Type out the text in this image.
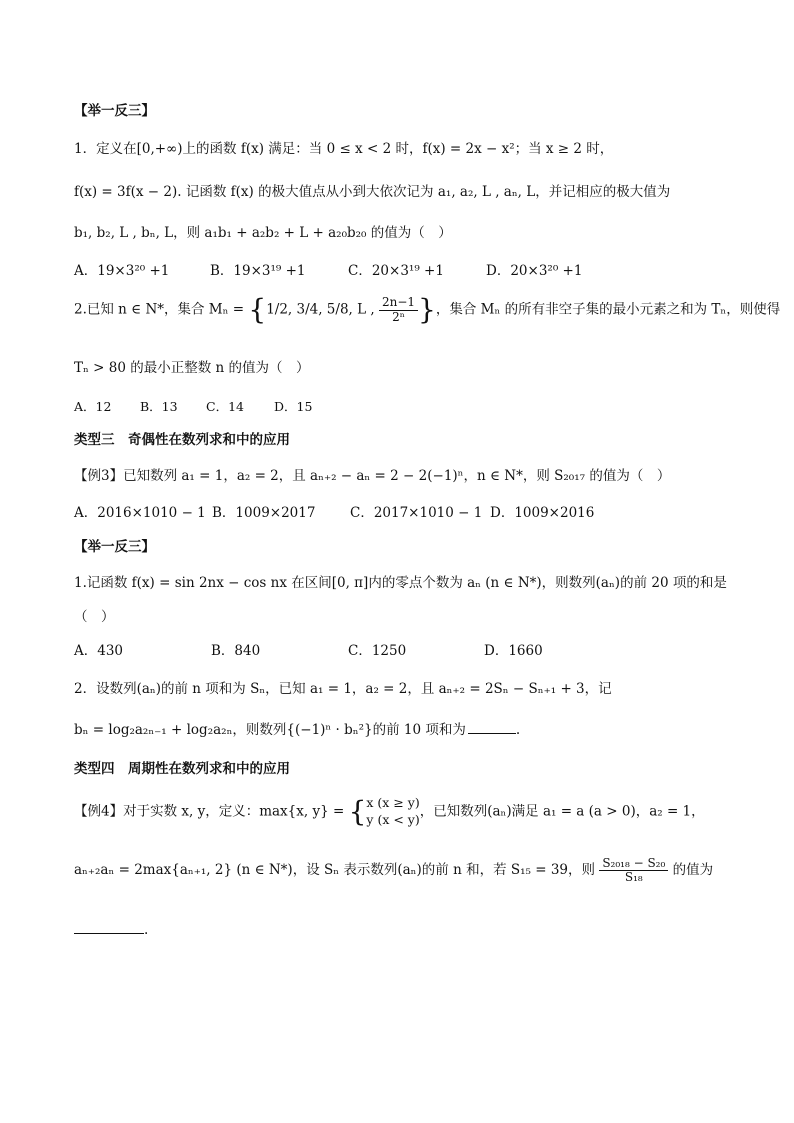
【举一反三】
1．定义在[0,+∞)上的函数 f(x) 满足：当 0 ≤ x < 2 时，f(x) = 2x − x²；当 x ≥ 2 时，
f(x) = 3f(x − 2). 记函数 f(x) 的极大值点从小到大依次记为 a₁, a₂, L , aₙ, L，并记相应的极大值为
b₁, b₂, L , bₙ, L，则 a₁b₁ + a₂b₂ + L + a₂₀b₂₀ 的值为（　）
A．19×3²⁰ +1	B．19×3¹⁹ +1	C．20×3¹⁹ +1	D．20×3²⁰ +1
2.已知 n ∈ N*，集合 Mₙ = {1/2, 3/4, 5/8, L , $\frac{2n-1}{\text{2ⁿ}}$ }，集合 Mₙ 的所有非空子集的最小元素之和为 Tₙ，则使得
Tₙ > 80 的最小正整数 n 的值为（　）
A．12 B．13 C．14 D．15
类型三　奇偶性在数列求和中的应用
【例3】已知数列 a₁ = 1，a₂ = 2，且 aₙ₊₂ − aₙ = 2 − 2(−1)ⁿ，n ∈ N*，则 S₂₀₁₇ 的值为（　）
A．2016×1010 − 1 B．1009×2017	C．2017×1010 − 1 D．1009×2016
【举一反三】
1.记函数 f(x) = sin 2nx − cos nx 在区间[0, π]内的零点个数为 aₙ (n ∈ N*)，则数列(aₙ)的前 20 项的和是
（　）
A．430	B．840	C．1250	D．1660
2．设数列(aₙ)的前 n 项和为 Sₙ，已知 a₁ = 1，a₂ = 2，且 aₙ₊₂ = 2Sₙ − Sₙ₊₁ + 3，记
bₙ = log₂a₂ₙ₋₁ + log₂a₂ₙ，则数列{(−1)ⁿ · bₙ²}的前 10 项和为	.
类型四　周期性在数列求和中的应用
【例4】对于实数 x, y，定义：max{x, y} = { x (x ≥ y)
y (x < y) ，已知数列(aₙ)满足 a₁ = a (a > 0)，a₂ = 1，
aₙ₊₂aₙ = 2max{aₙ₊₁, 2} (n ∈ N*)，设 Sₙ 表示数列(aₙ)的前 n 和，若 S₁₅ = 39，则 $\frac{\text{S₂₀₁₈ − S₂₀}}{\text{S₁₈}}$ 的值为
.
